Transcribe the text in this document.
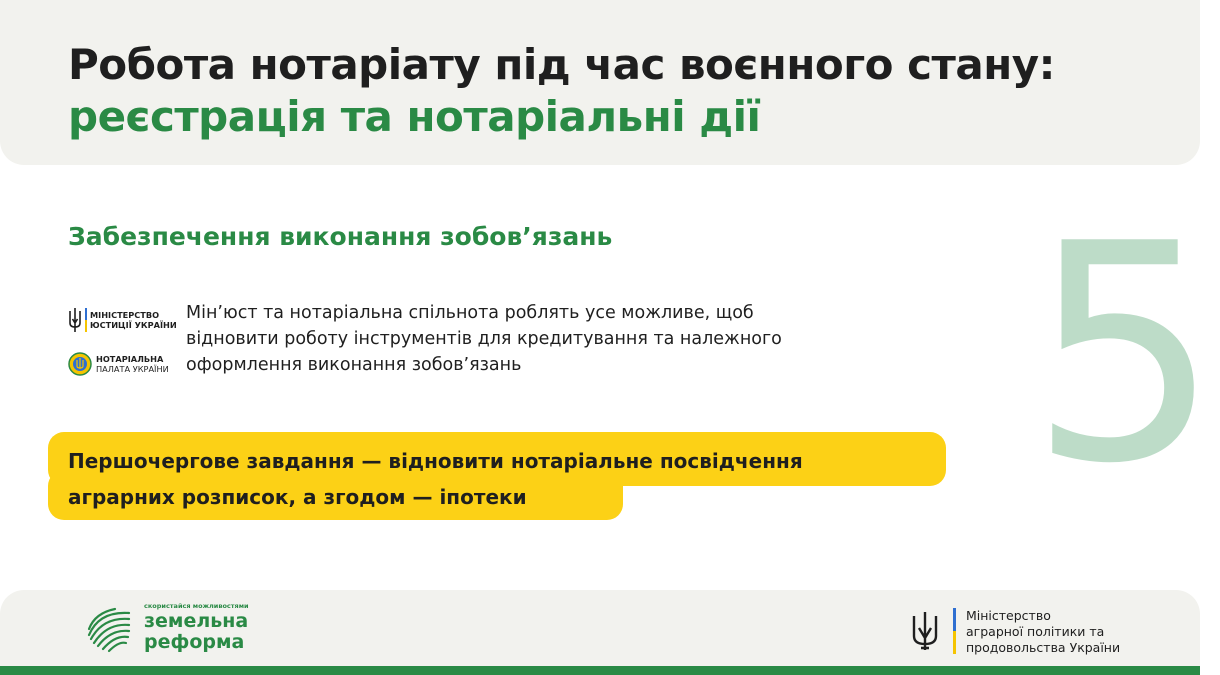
Робота нотаріату під час воєнного стану:
реєстрація та нотаріальні дії
5
Забезпечення виконання зобов’язань
МІНІСТЕРСТВО
ЮСТИЦІЇ УКРАЇНИ
НОТАРІАЛЬНА
ПАЛАТА УКРАЇНИ
Мін’юст та нотаріальна спільнота роблять усе можливе, щоб
відновити роботу інструментів для кредитування та належного
оформлення виконання зобов’язань
Першочергове завдання — відновити нотаріальне посвідчення
аграрних розписок, а згодом — іпотеки
скористайся можливостями
земельна
реформа
Міністерство
аграрної політики та
продовольства України
